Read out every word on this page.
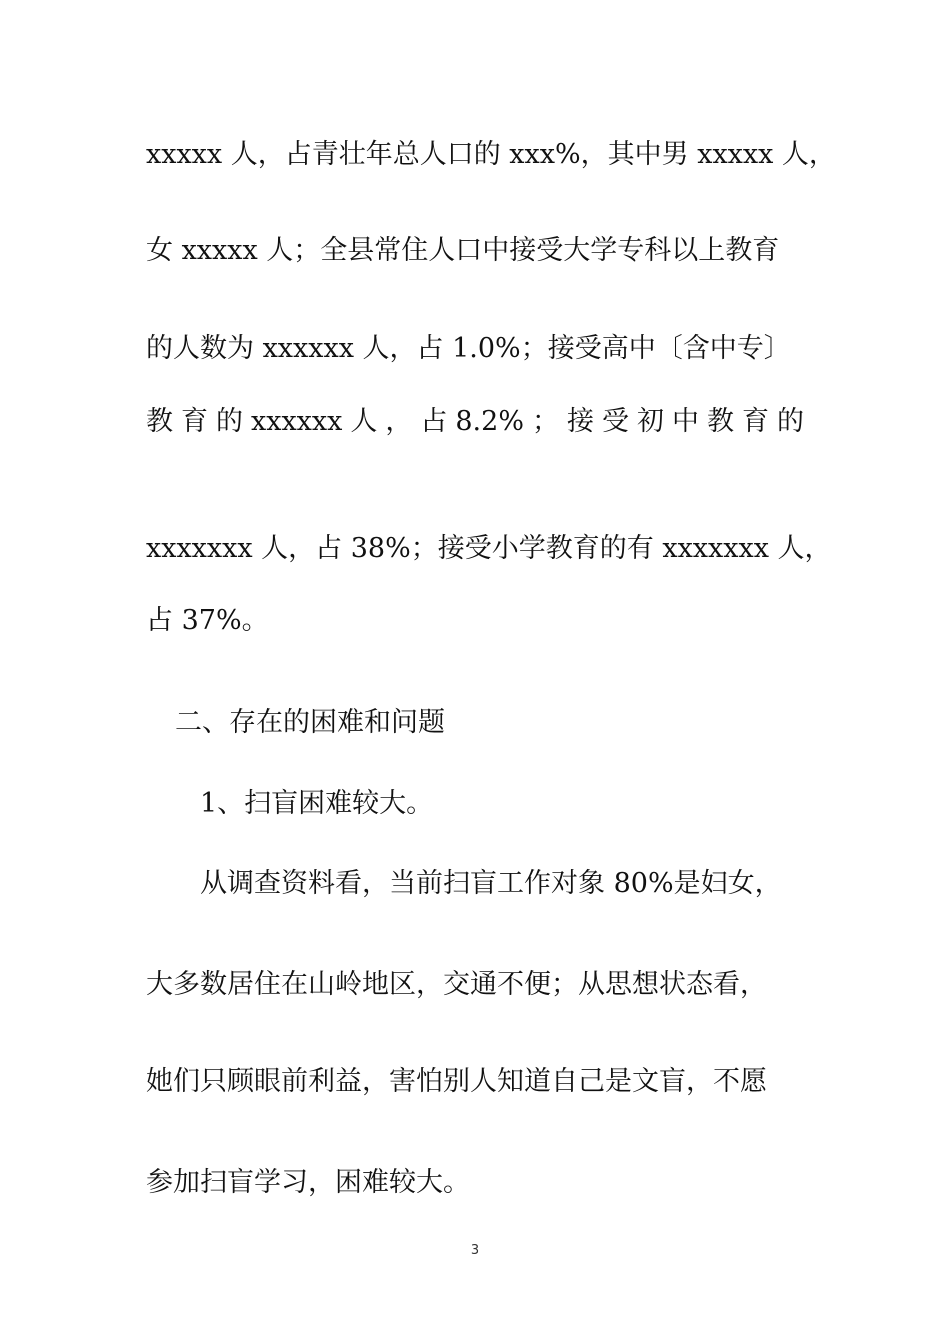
xxxxx 人，占青壮年总人口的 xxx%，其中男 xxxxx 人，
女 xxxxx 人；全县常住人口中接受大学专科以上教育
的人数为 xxxxxx 人，占 1.0%；接受高中〔含中专〕
教 育 的 xxxxxx 人 ， 占 8.2% ； 接 受 初 中 教 育 的
xxxxxxx 人，占 38%；接受小学教育的有 xxxxxxx 人，
占 37%。
二、存在的困难和问题
1、扫盲困难较大。
从调查资料看，当前扫盲工作对象 80%是妇女，
大多数居住在山岭地区，交通不便；从思想状态看，
她们只顾眼前利益，害怕别人知道自己是文盲，不愿
参加扫盲学习，困难较大。
3
